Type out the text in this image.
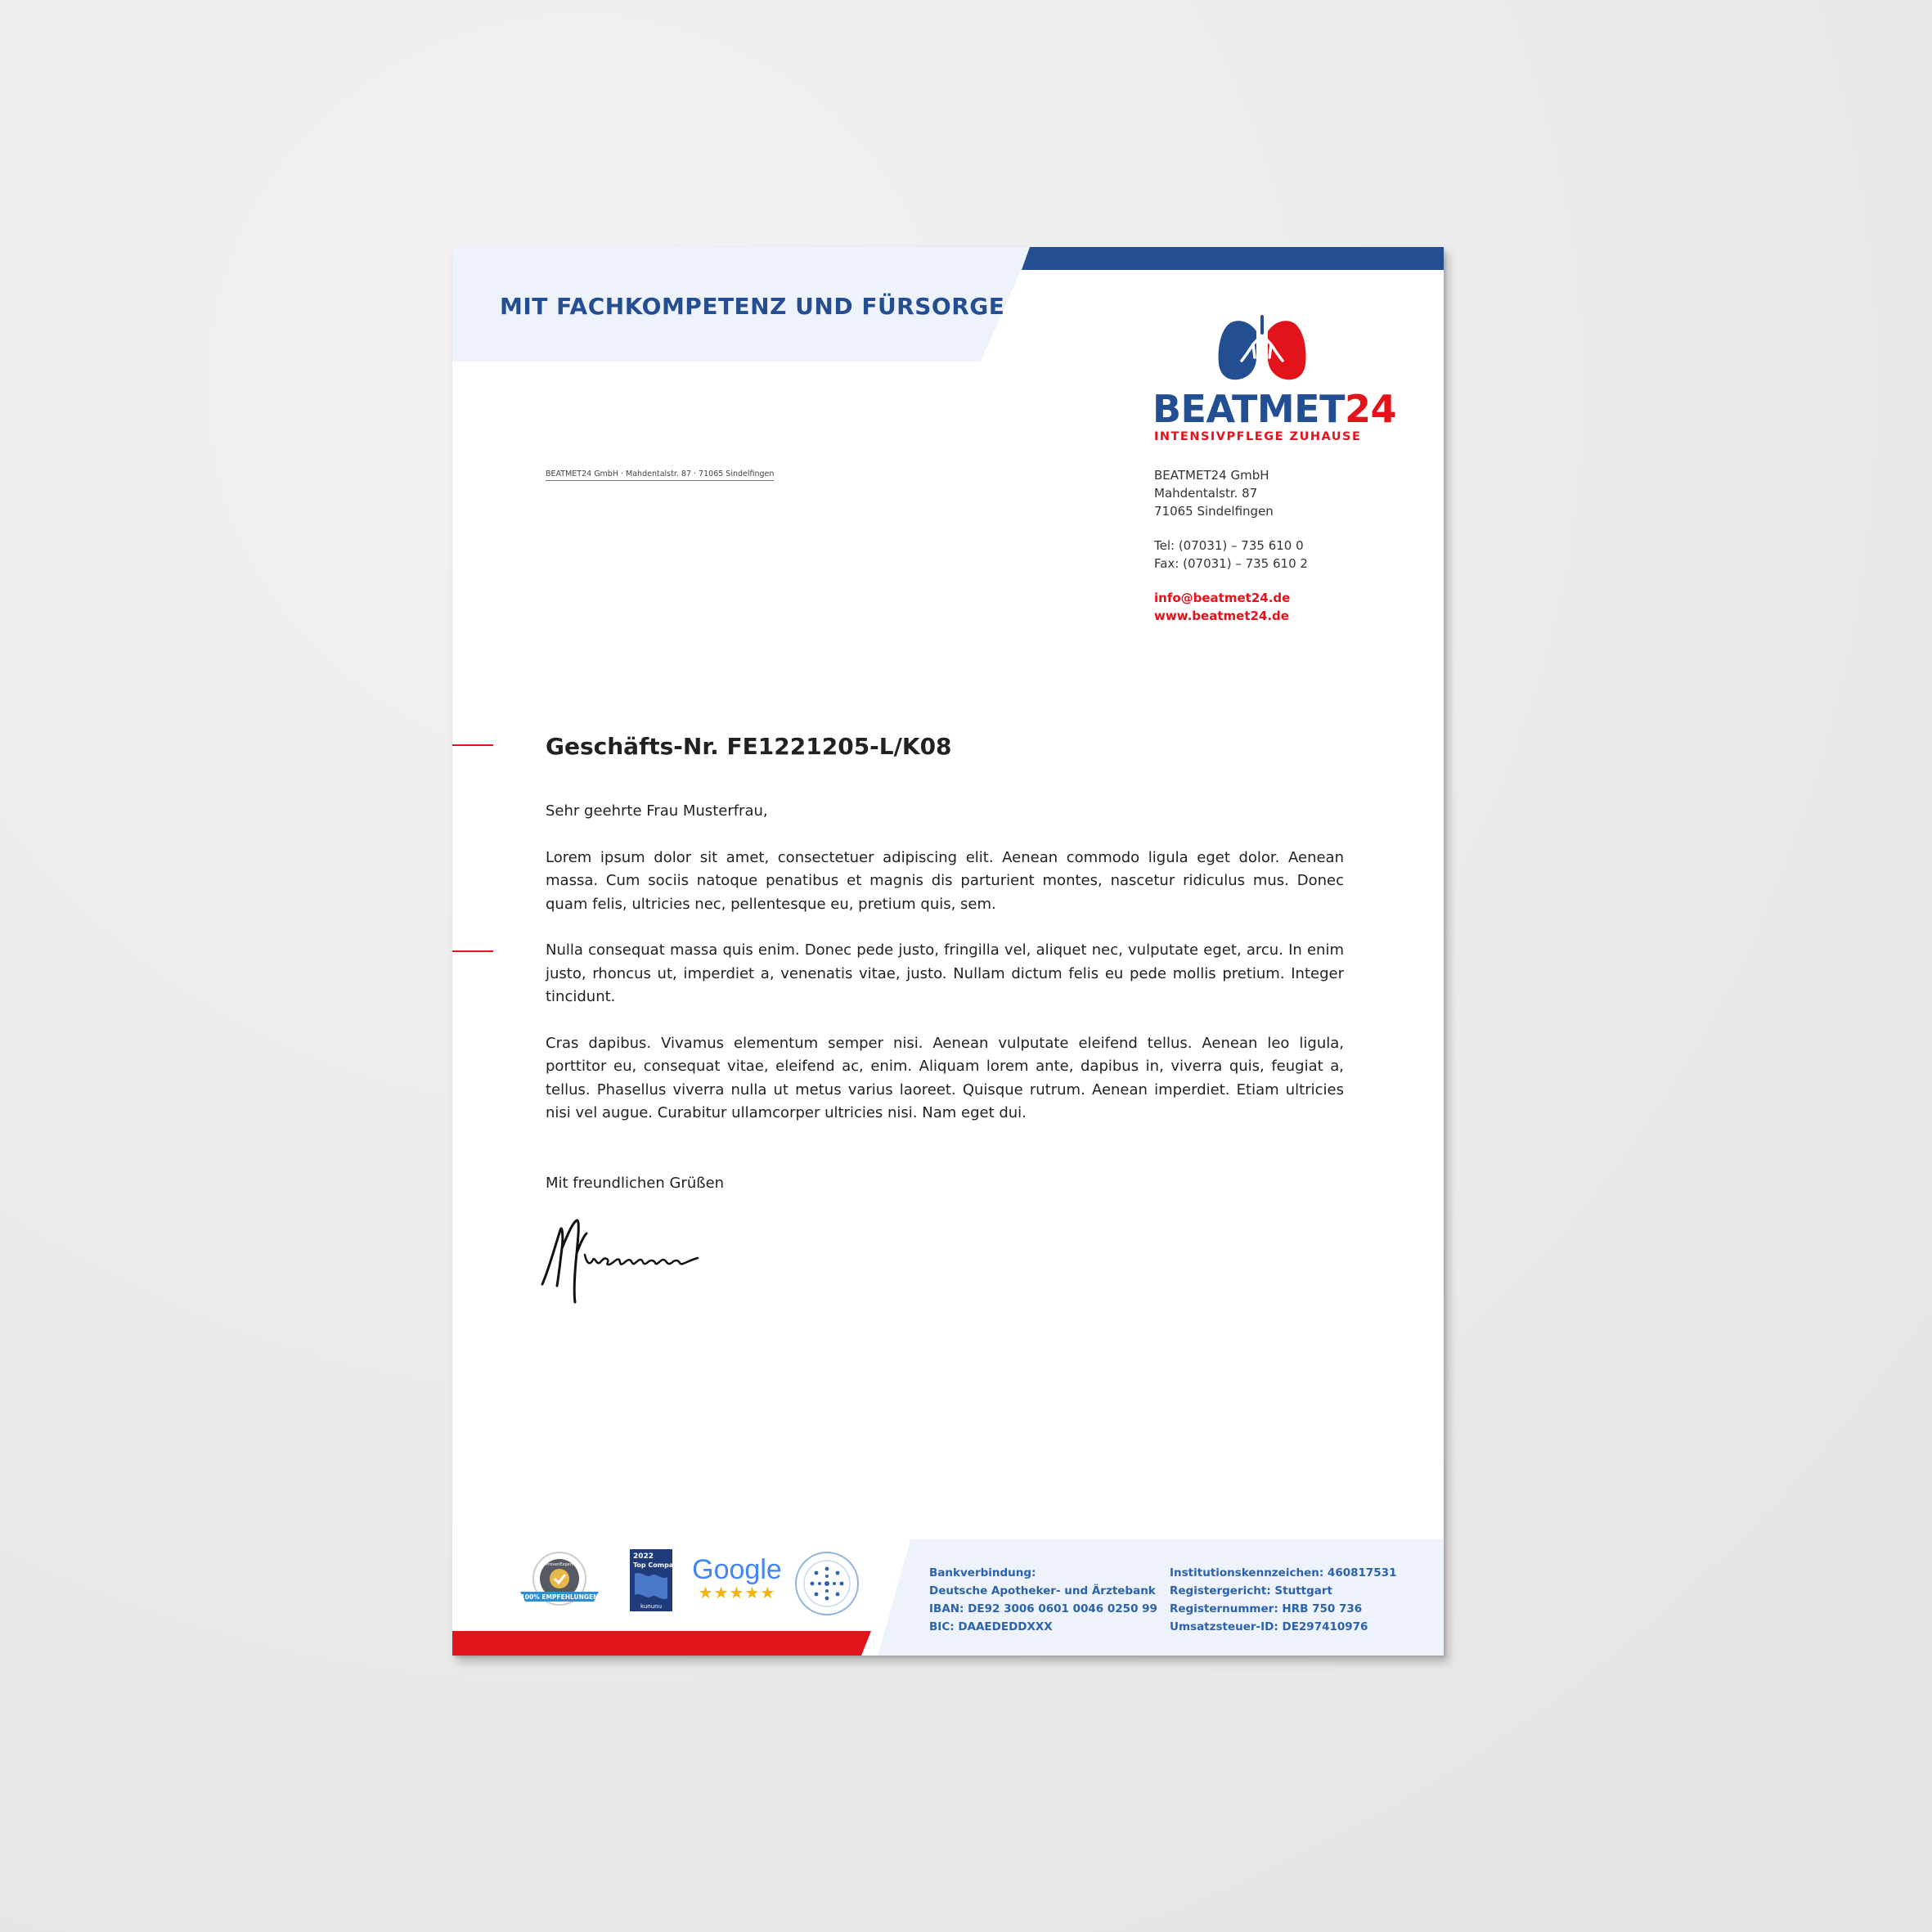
MIT FACHKOMPETENZ UND FÜRSORGE
BEATMET24
INTENSIVPFLEGE ZUHAUSE
BEATMET24 GmbH · Mahdentalstr. 87 · 71065 Sindelfingen	BEATMET24 GmbH
Mahdentalstr. 87
71065 Sindelfingen
Tel: (07031) – 735 610 0
Fax: (07031) – 735 610 2
info@beatmet24.de
www.beatmet24.de
Geschäfts-Nr. FE1221205-L/K08

Sehr geehrte Frau Musterfrau,

Lorem ipsum dolor sit amet, consectetuer adipiscing elit. Aenean commodo ligula eget dolor. Aenean massa. Cum sociis natoque penatibus et magnis dis parturient montes, nascetur ridiculus mus. Donec quam felis, ultricies nec, pellentesque eu, pretium quis, sem.

Nulla consequat massa quis enim. Donec pede justo, fringilla vel, aliquet nec, vulputate eget, arcu. In enim justo, rhoncus ut, imperdiet a, venenatis vitae, justo. Nullam dictum felis eu pede mollis pretium. Integer tincidunt.

Cras dapibus. Vivamus elementum semper nisi. Aenean vulputate eleifend tellus. Aenean leo ligula, porttitor eu, consequat vitae, eleifend ac, enim. Aliquam lorem ante, dapibus in, viverra quis, feugiat a, tellus. Phasellus viverra nulla ut metus varius laoreet. Quisque rutrum. Aenean imperdiet. Etiam ultricies nisi vel augue. Curabitur ullamcorper ultricies nisi. Nam eget dui.

Mit freundlichen Grüßen
100% EMPFEHLUNGEN
ProvenExpert
2022
Top Company
kununu
Google
★★★★★
Bankverbindung:
Deutsche Apotheker- und Ärztebank
IBAN: DE92 3006 0601 0046 0250 99
BIC: DAAEDEDDXXX
Institutionskennzeichen: 460817531
Registergericht: Stuttgart
Registernummer: HRB 750 736
Umsatzsteuer-ID: DE297410976
